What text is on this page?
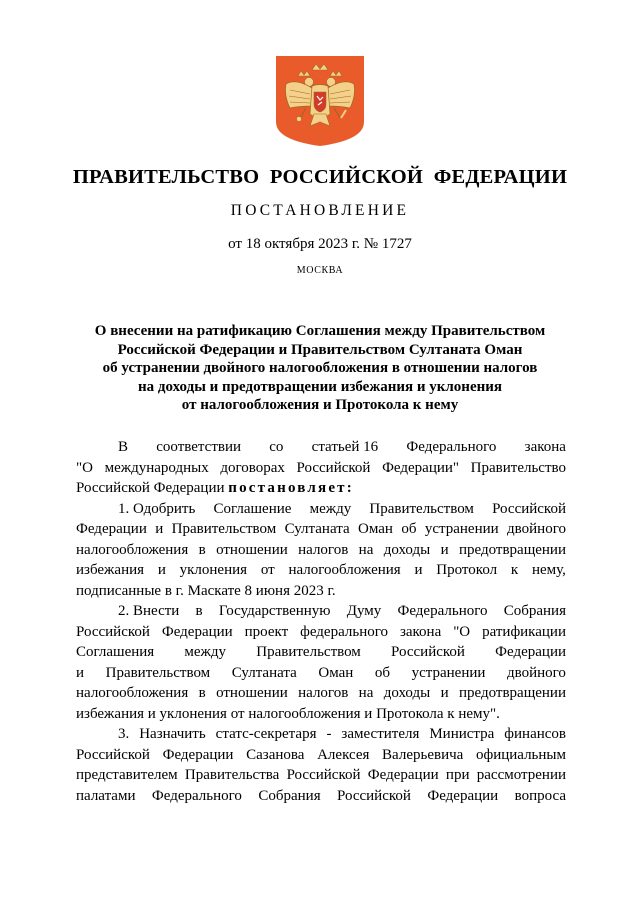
ПРАВИТЕЛЬСТВО  РОССИЙСКОЙ  ФЕДЕРАЦИИ
ПОСТАНОВЛЕНИЕ
от 18 октября 2023 г. № 1727
МОСКВА
О внесении на ратификацию Соглашения между Правительством
Российской Федерации и Правительством Султаната Оман
об устранении двойного налогообложения в отношении налогов
на доходы и предотвращении избежания и уклонения
от налогообложения и Протокола к нему
В соответствии со статьей 16 Федерального закона
"О международных договорах Российской Федерации" Правительство
Российской Федерации постановляет:
1. Одобрить Соглашение между Правительством Российской
Федерации и Правительством Султаната Оман об устранении двойного
налогообложения в отношении налогов на доходы и предотвращении
избежания и уклонения от налогообложения и Протокол к нему,
подписанные в г. Маскате 8 июня 2023 г.
2. Внести в Государственную Думу Федерального Собрания
Российской Федерации проект федерального закона "О ратификации
Соглашения между Правительством Российской Федерации
и Правительством Султаната Оман об устранении двойного
налогообложения в отношении налогов на доходы и предотвращении
избежания и уклонения от налогообложения и Протокола к нему".
3. Назначить статс-секретаря - заместителя Министра финансов
Российской Федерации Сазанова Алексея Валерьевича официальным
представителем Правительства Российской Федерации при рассмотрении
палатами Федерального Собрания Российской Федерации вопроса
